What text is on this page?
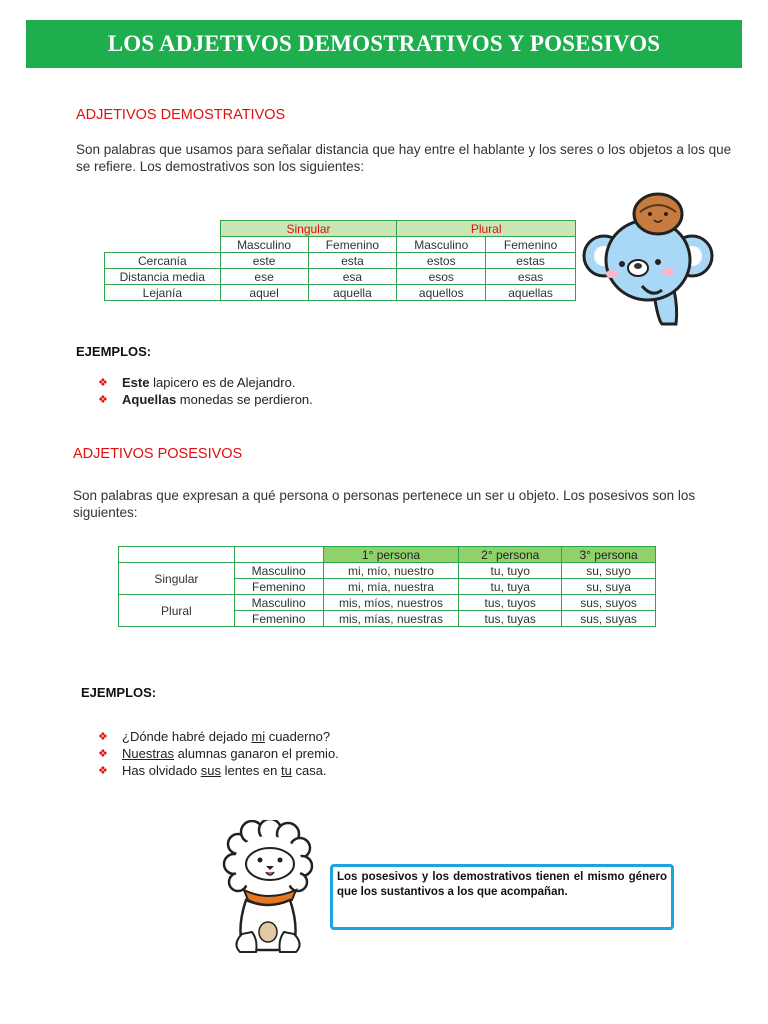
LOS ADJETIVOS DEMOSTRATIVOS Y POSESIVOS
ADJETIVOS DEMOSTRATIVOS

Son palabras que usamos para señalar distancia que hay entre el hablante y los seres o los objetos a los que se refiere. Los demostrativos son los siguientes:

	Singular		Plural	
	Masculino	Femenino	Masculino	Femenino
Cercanía	este	esta	estos	estas
Distancia media	ese	esa	esos	esas
Lejanía	aquel	aquella	aquellos	aquellas
EJEMPLOS:
❖	Este lapicero es de Alejandro.
❖	Aquellas monedas se perdieron.
ADJETIVOS POSESIVOS

Son palabras que expresan a qué persona o personas pertenece un ser u objeto. Los posesivos son los siguientes:

		1° persona	2° persona	3° persona
Singular	Masculino	mi, mío, nuestro	tu, tuyo	su, suyo
	Femenino	mi, mía, nuestra	tu, tuya	su, suya
Plural	Masculino	mis, míos, nuestros	tus, tuyos	sus, suyos
	Femenino	mis, mías, nuestras	tus, tuyas	sus, suyas
EJEMPLOS:
❖	¿Dónde habré dejado mi cuaderno?
❖	Nuestras alumnas ganaron el premio.
❖	Has olvidado sus lentes en tu casa.
Los posesivos y los demostrativos tienen el mismo género que los sustantivos a los que acompañan.
